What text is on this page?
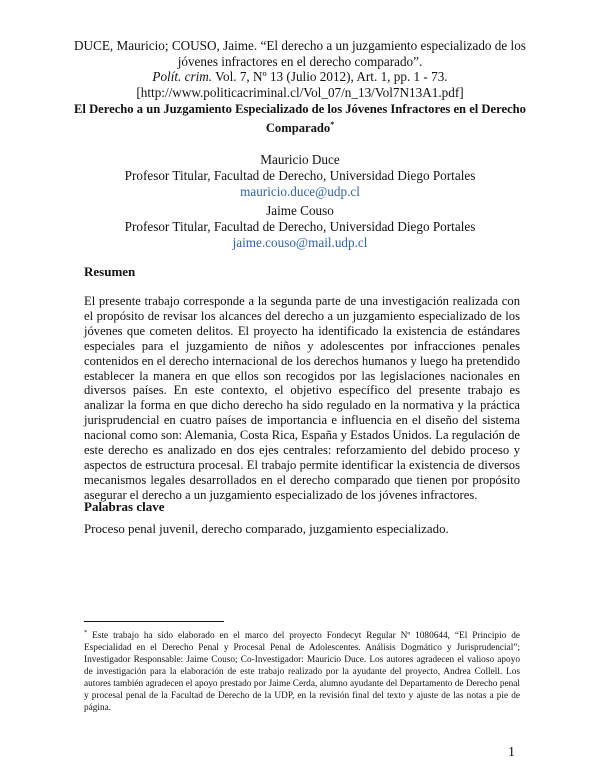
DUCE, Mauricio; COUSO, Jaime. “El derecho a un juzgamiento especializado de los
jóvenes infractores en el derecho comparado”.
Polít. crim. Vol. 7, Nº 13 (Julio 2012), Art. 1, pp. 1 - 73.
[http://www.politicacriminal.cl/Vol_07/n_13/Vol7N13A1.pdf]
El Derecho a un Juzgamiento Especializado de los Jóvenes Infractores en el Derecho Comparado*
Mauricio Duce
Profesor Titular, Facultad de Derecho, Universidad Diego Portales
mauricio.duce@udp.cl
Jaime Couso
Profesor Titular, Facultad de Derecho, Universidad Diego Portales
jaime.couso@mail.udp.cl
Resumen
El presente trabajo corresponde a la segunda parte de una investigación realizada con el propósito de revisar los alcances del derecho a un juzgamiento especializado de los jóvenes que cometen delitos. El proyecto ha identificado la existencia de estándares especiales para el juzgamiento de niños y adolescentes por infracciones penales contenidos en el derecho internacional de los derechos humanos y luego ha pretendido establecer la manera en que ellos son recogidos por las legislaciones nacionales en diversos países. En este contexto, el objetivo específico del presente trabajo es analizar la forma en que dicho derecho ha sido regulado en la normativa y la práctica jurisprudencial en cuatro países de importancia e influencia en el diseño del sistema nacional como son: Alemania, Costa Rica, España y Estados Unidos. La regulación de este derecho es analizado en dos ejes centrales: reforzamiento del debido proceso y aspectos de estructura procesal. El trabajo permite identificar la existencia de diversos mecanismos legales desarrollados en el derecho comparado que tienen por propósito asegurar el derecho a un juzgamiento especializado de los jóvenes infractores.
Palabras clave
Proceso penal juvenil, derecho comparado, juzgamiento especializado.
* Este trabajo ha sido elaborado en el marco del proyecto Fondecyt Regular Nº 1080644, “El Principio de Especialidad en el Derecho Penal y Procesal Penal de Adolescentes. Análisis Dogmático y Jurisprudencial”; Investigador Responsable: Jaime Couso; Co-Investigador: Mauricio Duce. Los autores agradecen el valioso apoyo de investigación para la elaboración de este trabajo realizado por la ayudante del proyecto, Andrea Collell. Los autores también agradecen el apoyo prestado por Jaime Cerda, alumno ayudante del Departamento de Derecho penal y procesal penal de la Facultad de Derecho de la UDP, en la revisión final del texto y ajuste de las notas a pie de página.
1
